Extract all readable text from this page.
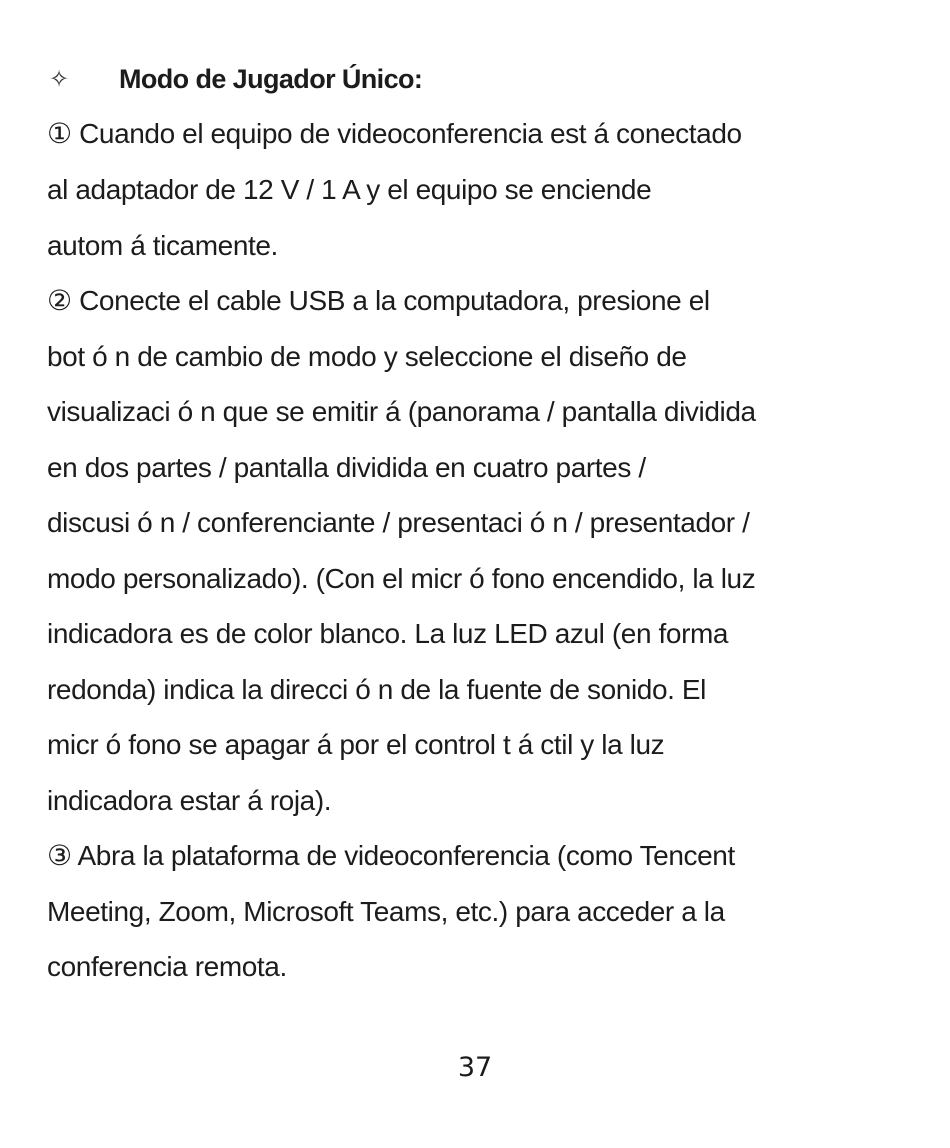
✧	Modo de Jugador Único:
① Cuando el equipo de videoconferencia est á conectado
al adaptador de 12 V / 1 A y el equipo se enciende
autom á ticamente.
② Conecte el cable USB a la computadora, presione el
bot ó n de cambio de modo y seleccione el diseño de
visualizaci ó n que se emitir á (panorama / pantalla dividida
en dos partes / pantalla dividida en cuatro partes /
discusi ó n / conferenciante / presentaci ó n / presentador /
modo personalizado). (Con el micr ó fono encendido, la luz
indicadora es de color blanco. La luz LED azul (en forma
redonda) indica la direcci ó n de la fuente de sonido. El
micr ó fono se apagar á por el control t á ctil y la luz
indicadora estar á roja).
③ Abra la plataforma de videoconferencia (como Tencent
Meeting, Zoom, Microsoft Teams, etc.) para acceder a la
conferencia remota.
37
